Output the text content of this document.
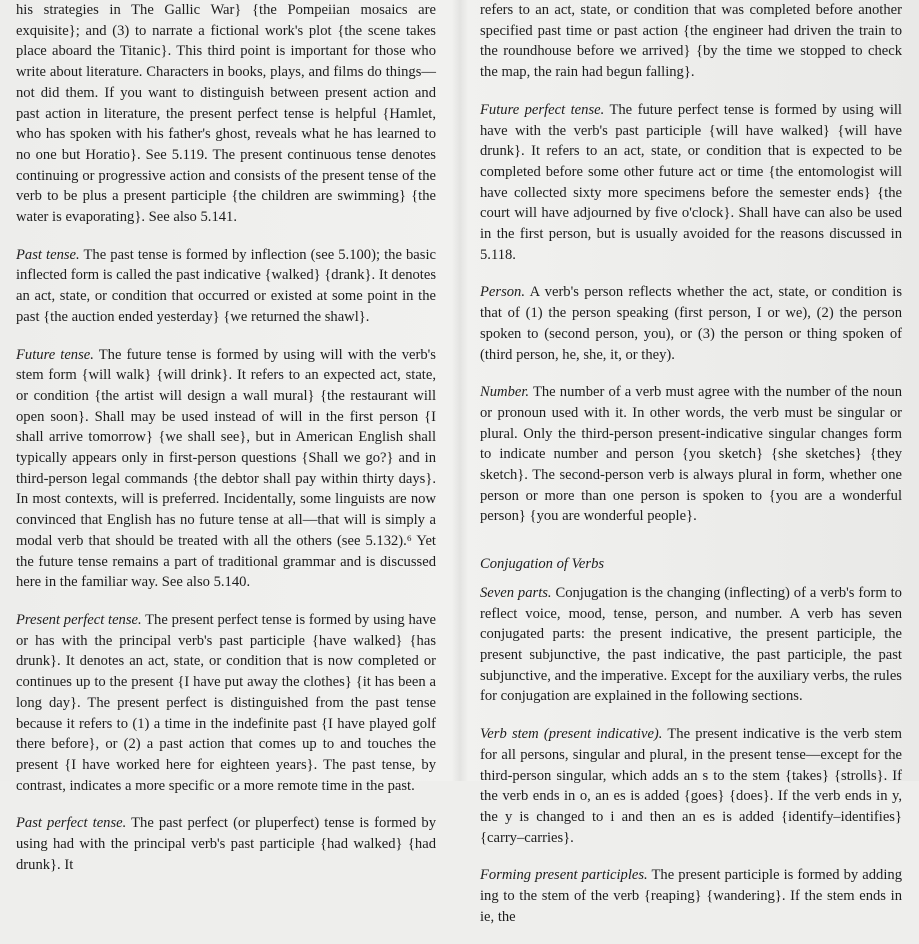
his strategies in The Gallic War} {the Pompeiian mosaics are exquisite}; and (3) to narrate a fictional work's plot {the scene takes place aboard the Titanic}. This third point is important for those who write about literature. Characters in books, plays, and films do things—not did them. If you want to distinguish between present action and past action in literature, the present perfect tense is helpful {Hamlet, who has spoken with his father's ghost, reveals what he has learned to no one but Horatio}. See 5.119. The present continuous tense denotes continuing or progressive action and consists of the present tense of the verb to be plus a present participle {the children are swimming} {the water is evaporating}. See also 5.141.

Past tense. The past tense is formed by inflection (see 5.100); the basic inflected form is called the past indicative {walked} {drank}. It denotes an act, state, or condition that occurred or existed at some point in the past {the auction ended yesterday} {we returned the shawl}.

Future tense. The future tense is formed by using will with the verb's stem form {will walk} {will drink}. It refers to an expected act, state, or condition {the artist will design a wall mural} {the restaurant will open soon}. Shall may be used instead of will in the first person {I shall arrive tomorrow} {we shall see}, but in American English shall typically appears only in first-person questions {Shall we go?} and in third-person legal commands {the debtor shall pay within thirty days}. In most contexts, will is preferred. Incidentally, some linguists are now convinced that English has no future tense at all—that will is simply a modal verb that should be treated with all the others (see 5.132).⁶ Yet the future tense remains a part of traditional grammar and is discussed here in the familiar way. See also 5.140.

Present perfect tense. The present perfect tense is formed by using have or has with the principal verb's past participle {have walked} {has drunk}. It denotes an act, state, or condition that is now completed or continues up to the present {I have put away the clothes} {it has been a long day}. The present perfect is distinguished from the past tense because it refers to (1) a time in the indefinite past {I have played golf there before}, or (2) a past action that comes up to and touches the present {I have worked here for eighteen years}. The past tense, by contrast, indicates a more specific or a more remote time in the past.

Past perfect tense. The past perfect (or pluperfect) tense is formed by using had with the principal verb's past participle {had walked} {had drunk}. It

refers to an act, state, or condition that was completed before another specified past time or past action {the engineer had driven the train to the roundhouse before we arrived} {by the time we stopped to check the map, the rain had begun falling}.

Future perfect tense. The future perfect tense is formed by using will have with the verb's past participle {will have walked} {will have drunk}. It refers to an act, state, or condition that is expected to be completed before some other future act or time {the entomologist will have collected sixty more specimens before the semester ends} {the court will have adjourned by five o'clock}. Shall have can also be used in the first person, but is usually avoided for the reasons discussed in 5.118.

Person. A verb's person reflects whether the act, state, or condition is that of (1) the person speaking (first person, I or we), (2) the person spoken to (second person, you), or (3) the person or thing spoken of (third person, he, she, it, or they).

Number. The number of a verb must agree with the number of the noun or pronoun used with it. In other words, the verb must be singular or plural. Only the third-person present-indicative singular changes form to indicate number and person {you sketch} {she sketches} {they sketch}. The second-person verb is always plural in form, whether one person or more than one person is spoken to {you are a wonderful person} {you are wonderful people}.

Conjugation of Verbs

Seven parts. Conjugation is the changing (inflecting) of a verb's form to reflect voice, mood, tense, person, and number. A verb has seven conjugated parts: the present indicative, the present participle, the present subjunctive, the past indicative, the past participle, the past subjunctive, and the imperative. Except for the auxiliary verbs, the rules for conjugation are explained in the following sections.

Verb stem (present indicative). The present indicative is the verb stem for all persons, singular and plural, in the present tense—except for the third-person singular, which adds an s to the stem {takes} {strolls}. If the verb ends in o, an es is added {goes} {does}. If the verb ends in y, the y is changed to i and then an es is added {identify–identifies} {carry–carries}.

Forming present participles. The present participle is formed by adding ing to the stem of the verb {reaping} {wandering}. If the stem ends in ie, the
